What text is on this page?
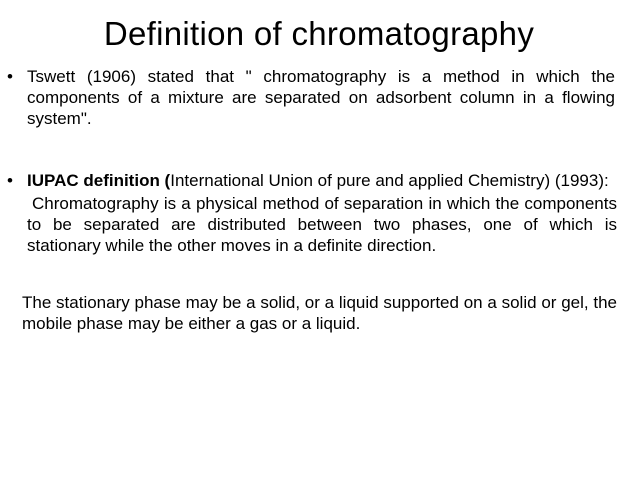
Definition of chromatography
• Tswett (1906) stated that " chromatography is a method in which the components of a mixture are separated on adsorbent column in a flowing system".

• IUPAC definition (International Union of pure and applied Chemistry) (1993):

Chromatography is a physical method of separation in which the components to be separated are distributed between two phases, one of which is stationary while the other moves in a definite direction.

The stationary phase may be a solid, or a liquid supported on a solid or gel, the mobile phase may be either a gas or a liquid.
